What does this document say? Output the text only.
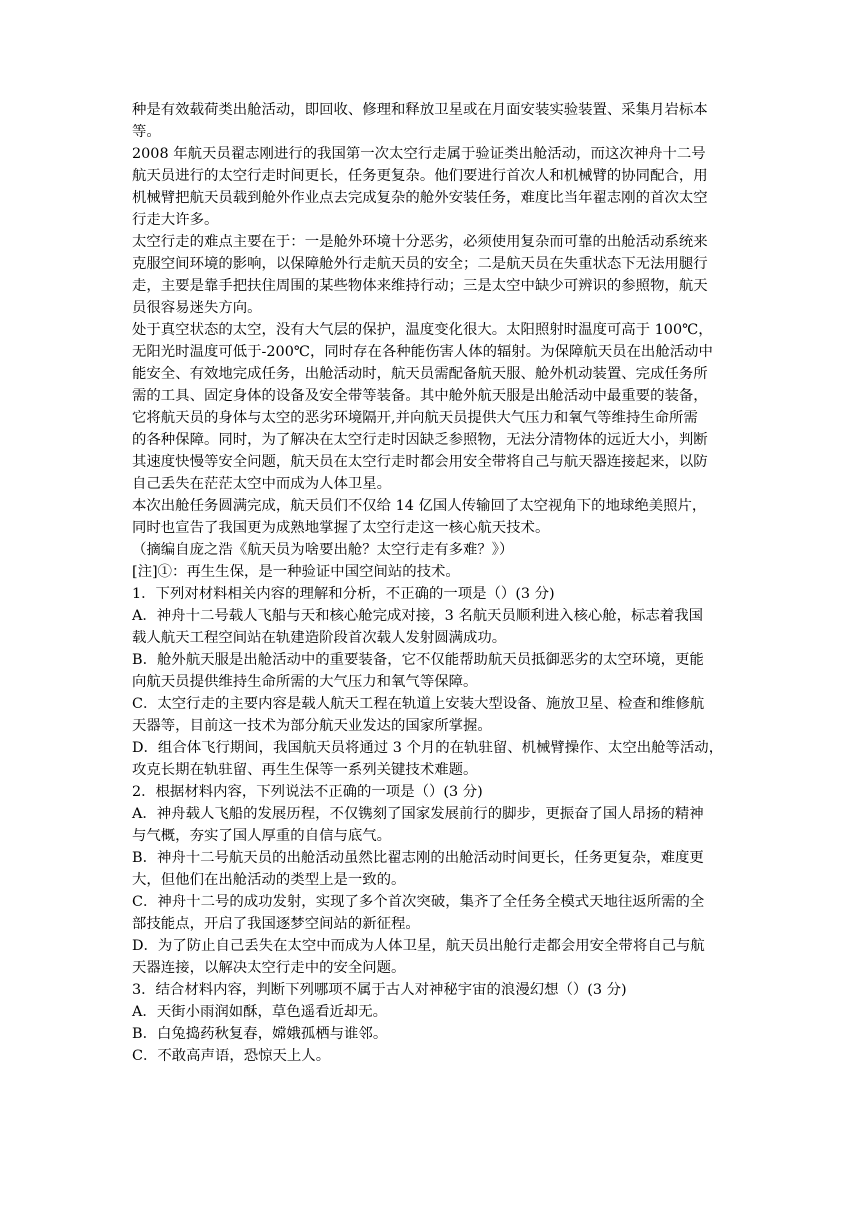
种是有效载荷类出舱活动，即回收、修理和释放卫星或在月面安装实验装置、采集月岩标本
等。
2008 年航天员翟志刚进行的我国第一次太空行走属于验证类出舱活动，而这次神舟十二号
航天员进行的太空行走时间更长，任务更复杂。他们要进行首次人和机械臂的协同配合，用
机械臂把航天员载到舱外作业点去完成复杂的舱外安装任务，难度比当年翟志刚的首次太空
行走大许多。
太空行走的难点主要在于：一是舱外环境十分恶劣，必须使用复杂而可靠的出舱活动系统来
克服空间环境的影响，以保障舱外行走航天员的安全；二是航天员在失重状态下无法用腿行
走，主要是靠手把扶住周围的某些物体来维持行动；三是太空中缺少可辨识的参照物，航天
员很容易迷失方向。
处于真空状态的太空，没有大气层的保护，温度变化很大。太阳照射时温度可高于 100℃，
无阳光时温度可低于-200℃，同时存在各种能伤害人体的辐射。为保障航天员在出舱活动中
能安全、有效地完成任务，出舱活动时，航天员需配备航天服、舱外机动装置、完成任务所
需的工具、固定身体的设备及安全带等装备。其中舱外航天服是出舱活动中最重要的装备，
它将航天员的身体与太空的恶劣环境隔开,并向航天员提供大气压力和氧气等维持生命所需
的各种保障。同时，为了解决在太空行走时因缺乏参照物，无法分清物体的远近大小，判断
其速度快慢等安全问题，航天员在太空行走时都会用安全带将自己与航天器连接起来，以防
自己丢失在茫茫太空中而成为人体卫星。
本次出舱任务圆满完成，航天员们不仅给 14 亿国人传输回了太空视角下的地球绝美照片，
同时也宣告了我国更为成熟地掌握了太空行走这一核心航天技术。
（摘编自庞之浩《航天员为啥要出舱？太空行走有多难？》）
[注]①：再生生保，是一种验证中国空间站的技术。
1．下列对材料相关内容的理解和分析，不正确的一项是（）(3 分)
A．神舟十二号载人飞船与天和核心舱完成对接，3 名航天员顺利进入核心舱，标志着我国
载人航天工程空间站在轨建造阶段首次载人发射圆满成功。
B．舱外航天服是出舱活动中的重要装备，它不仅能帮助航天员抵御恶劣的太空环境，更能
向航天员提供维持生命所需的大气压力和氧气等保障。
C．太空行走的主要内容是载人航天工程在轨道上安装大型设备、施放卫星、检查和维修航
天器等，目前这一技术为部分航天业发达的国家所掌握。
D．组合体飞行期间，我国航天员将通过 3 个月的在轨驻留、机械臂操作、太空出舱等活动，
攻克长期在轨驻留、再生生保等一系列关键技术难题。
2．根据材料内容，下列说法不正确的一项是（）(3 分)
A．神舟载人飞船的发展历程，不仅镌刻了国家发展前行的脚步，更振奋了国人昂扬的精神
与气概，夯实了国人厚重的自信与底气。
B．神舟十二号航天员的出舱活动虽然比翟志刚的出舱活动时间更长，任务更复杂，难度更
大，但他们在出舱活动的类型上是一致的。
C．神舟十二号的成功发射，实现了多个首次突破，集齐了全任务全模式天地往返所需的全
部技能点，开启了我国逐梦空间站的新征程。
D．为了防止自己丢失在太空中而成为人体卫星，航天员出舱行走都会用安全带将自己与航
天器连接，以解决太空行走中的安全问题。
3．结合材料内容，判断下列哪项不属于古人对神秘宇宙的浪漫幻想（）(3 分)
A．天街小雨润如酥，草色遥看近却无。
B．白兔捣药秋复春，嫦娥孤栖与谁邻。
C．不敢高声语，恐惊天上人。
